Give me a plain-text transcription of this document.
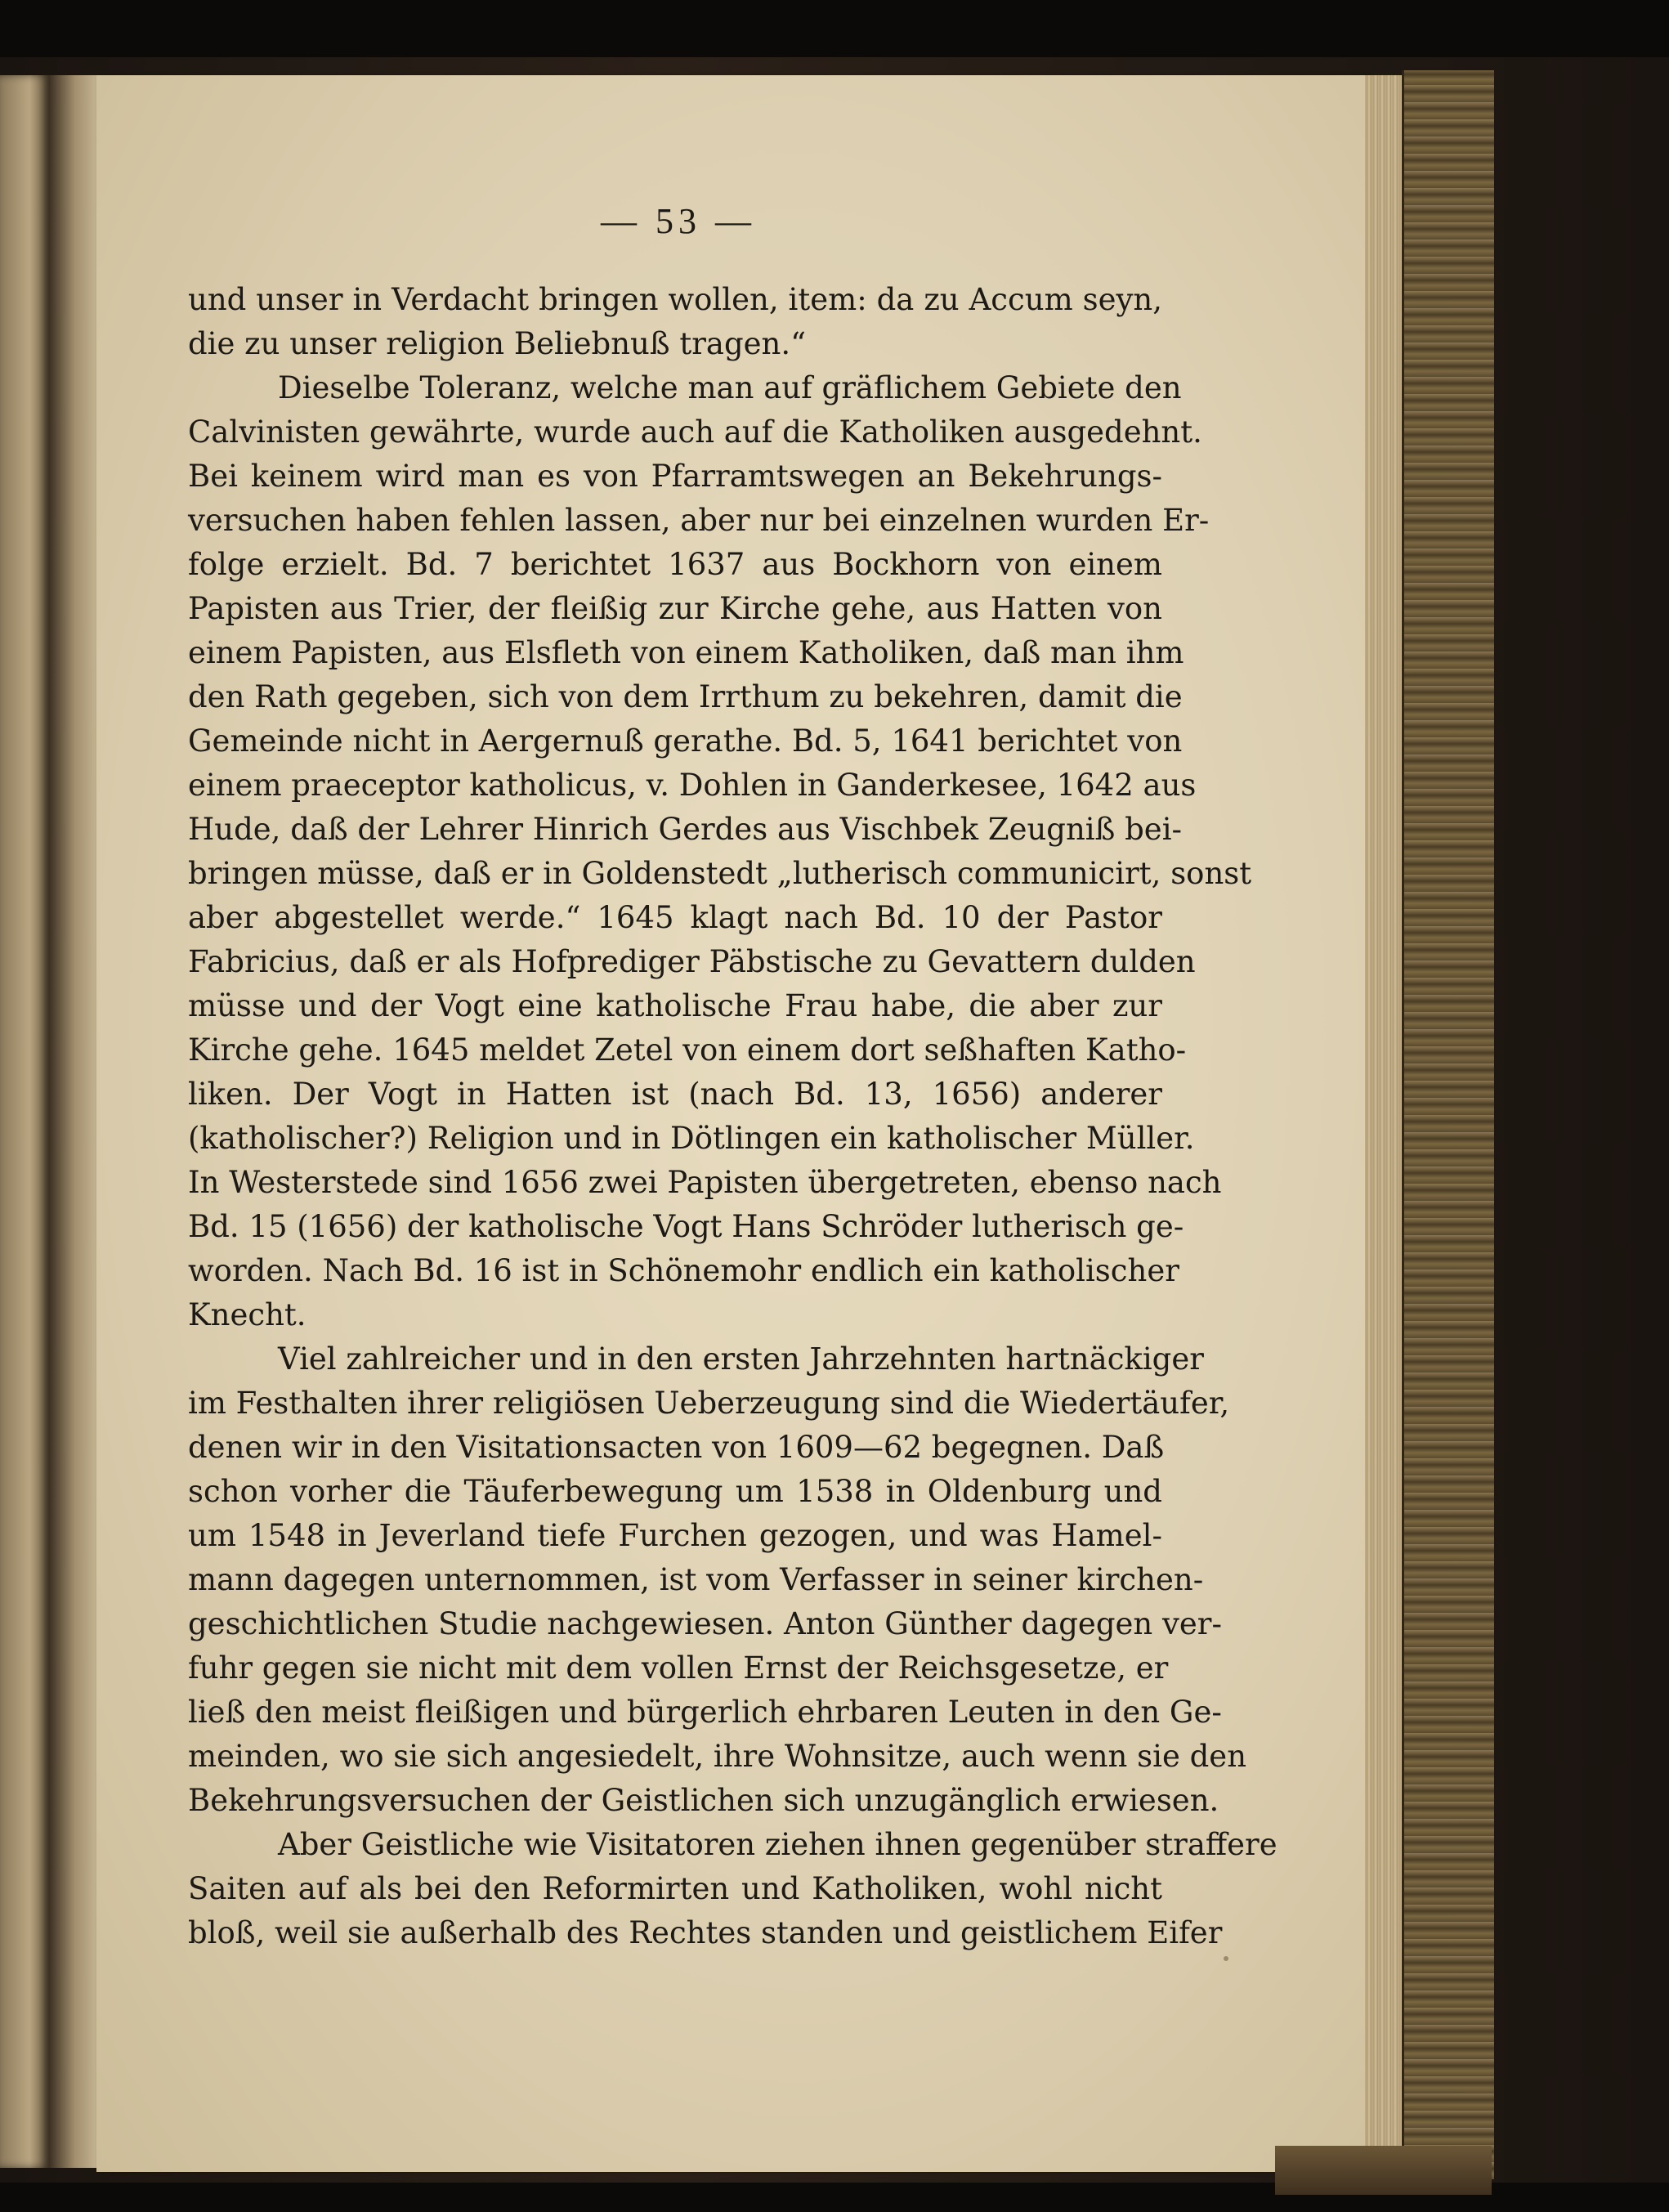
— 53 —
und unser in Verdacht bringen wollen, item: da zu Accum seyn,
die zu unser religion Beliebnuß tragen.“
Dieselbe Toleranz, welche man auf gräflichem Gebiete den
Calvinisten gewährte, wurde auch auf die Katholiken ausgedehnt.
Bei keinem wird man es von Pfarramtswegen an Bekehrungs-
versuchen haben fehlen lassen, aber nur bei einzelnen wurden Er-
folge erzielt. Bd. 7 berichtet 1637 aus Bockhorn von einem
Papisten aus Trier, der fleißig zur Kirche gehe, aus Hatten von
einem Papisten, aus Elsfleth von einem Katholiken, daß man ihm
den Rath gegeben, sich von dem Irrthum zu bekehren, damit die
Gemeinde nicht in Aergernuß gerathe. Bd. 5, 1641 berichtet von
einem praeceptor katholicus, v. Dohlen in Ganderkesee, 1642 aus
Hude, daß der Lehrer Hinrich Gerdes aus Vischbek Zeugniß bei-
bringen müsse, daß er in Goldenstedt „lutherisch communicirt, sonst
aber abgestellet werde.“ 1645 klagt nach Bd. 10 der Pastor
Fabricius, daß er als Hofprediger Päbstische zu Gevattern dulden
müsse und der Vogt eine katholische Frau habe, die aber zur
Kirche gehe. 1645 meldet Zetel von einem dort seßhaften Katho-
liken. Der Vogt in Hatten ist (nach Bd. 13, 1656) anderer
(katholischer?) Religion und in Dötlingen ein katholischer Müller.
In Westerstede sind 1656 zwei Papisten übergetreten, ebenso nach
Bd. 15 (1656) der katholische Vogt Hans Schröder lutherisch ge-
worden. Nach Bd. 16 ist in Schönemohr endlich ein katholischer
Knecht.
Viel zahlreicher und in den ersten Jahrzehnten hartnäckiger
im Festhalten ihrer religiösen Ueberzeugung sind die Wiedertäufer,
denen wir in den Visitationsacten von 1609—62 begegnen. Daß
schon vorher die Täuferbewegung um 1538 in Oldenburg und
um 1548 in Jeverland tiefe Furchen gezogen, und was Hamel-
mann dagegen unternommen, ist vom Verfasser in seiner kirchen-
geschichtlichen Studie nachgewiesen. Anton Günther dagegen ver-
fuhr gegen sie nicht mit dem vollen Ernst der Reichsgesetze, er
ließ den meist fleißigen und bürgerlich ehrbaren Leuten in den Ge-
meinden, wo sie sich angesiedelt, ihre Wohnsitze, auch wenn sie den
Bekehrungsversuchen der Geistlichen sich unzugänglich erwiesen.
Aber Geistliche wie Visitatoren ziehen ihnen gegenüber straffere
Saiten auf als bei den Reformirten und Katholiken, wohl nicht
bloß, weil sie außerhalb des Rechtes standen und geistlichem Eifer
